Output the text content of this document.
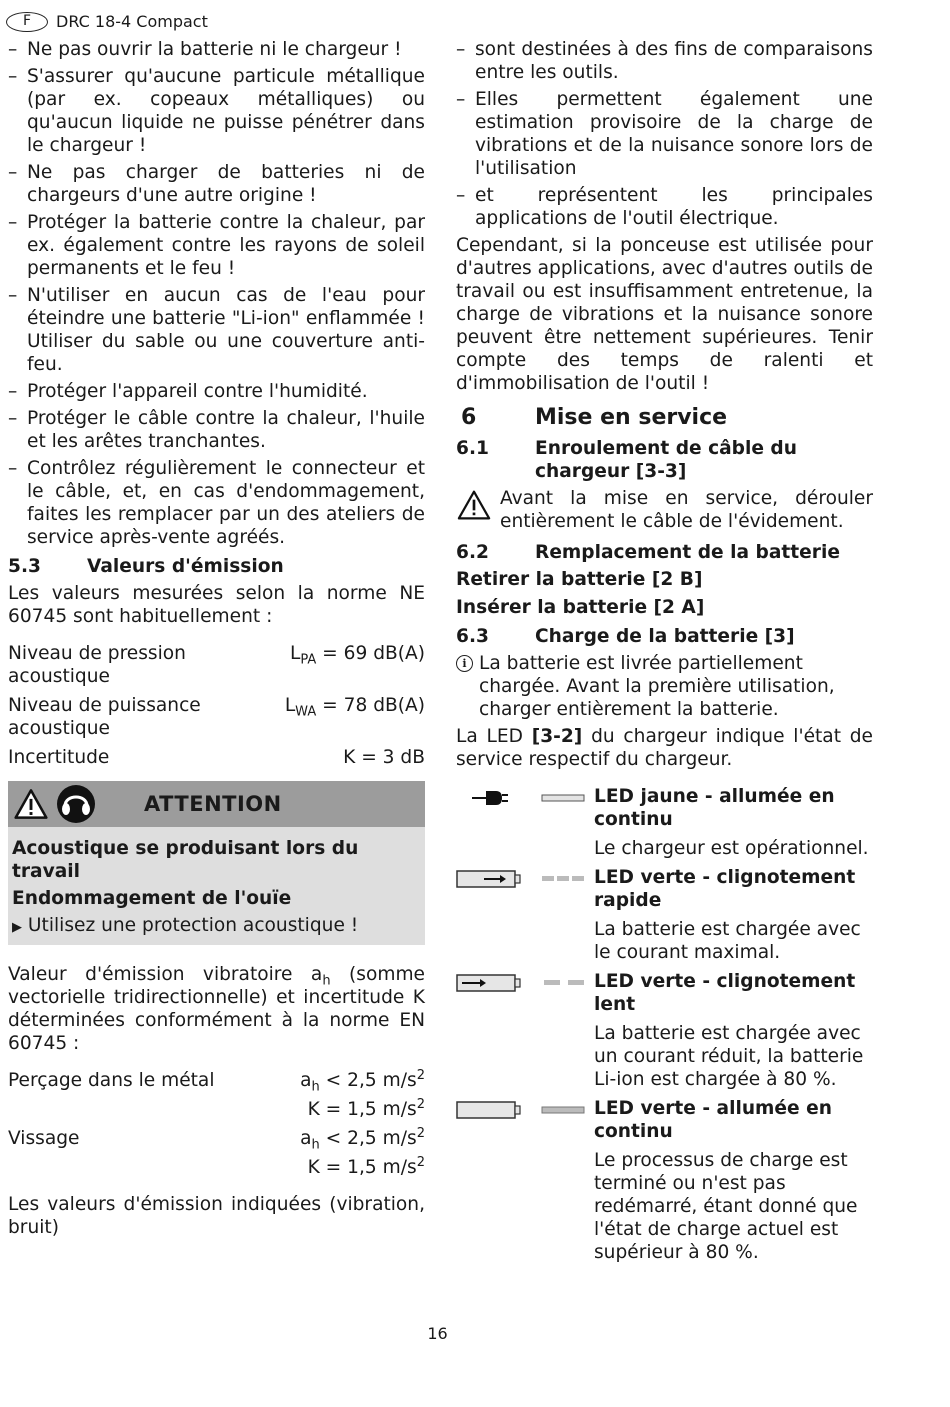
F	DRC 18-4 Compact
– Ne pas ouvrir la batterie ni le chargeur !
– S'assurer qu'aucune particule métallique (par ex. copeaux métalliques) ou qu'aucun liquide ne puisse pénétrer dans le chargeur !
– Ne pas charger de batteries ni de chargeurs d'une autre origine !
– Protéger la batterie contre la chaleur, par ex. également contre les rayons de soleil permanents et le feu !
– N'utiliser en aucun cas de l'eau pour éteindre une batterie "Li-ion" enflammée ! Utiliser du sable ou une couverture anti-feu.
– Protéger l'appareil contre l'humidité.
– Protéger le câble contre la chaleur, l'huile et les arêtes tranchantes.
– Contrôlez régulièrement le connecteur et le câble, et, en cas d'endommagement, faites les remplacer par un des ateliers de service après-vente agréés.
5.3	Valeurs d'émission

Les valeurs mesurées selon la norme NE 60745 sont habituellement :

Niveau de pression acoustique	$L_{PA} = 69$ dB(A)
Niveau de puissance acoustique	$L_{WA} = 78$ dB(A)
Incertitude	K = 3 dB
ATTENTION
Acoustique se produisant lors du travail
Endommagement de l'ouïe
▶ Utilisez une protection acoustique !

Valeur d'émission vibratoire $a_h$ (somme vectorielle tridirectionnelle) et incertitude K déterminées conformément à la norme EN 60745 :

Perçage dans le métal	$a_h < 2,5$ $m/s^2$
K = 1,5 $m/s^2$

Vissage	$a_h < 2,5$ $m/s^2$
K = 1,5 $m/s^2$

Les valeurs d'émission indiquées (vibration, bruit)

– sont destinées à des fins de comparaisons entre les outils.
– Elles permettent également une estimation provisoire de la charge de vibrations et de la nuisance sonore lors de l'utilisation
– et représentent les principales applications de l'outil électrique.

Cependant, si la ponceuse est utilisée pour d'autres applications, avec d'autres outils de travail ou est insuffisamment entretenue, la charge de vibrations et la nuisance sonore peuvent être nettement supérieures. Tenir compte des temps de ralenti et d'immobilisation de l'outil !

6	Mise en service
6.1	Enroulement de câble du chargeur [3-3]
Avant la mise en service, dérouler entièrement le câble de l'évidement.
6.2	Remplacement de la batterie
Retirer la batterie [2 B]
Insérer la batterie [2 A]
6.3	Charge de la batterie [3]
i La batterie est livrée partiellement chargée. Avant la première utilisation, charger entièrement la batterie.

La LED [3-2] du chargeur indique l'état de service respectif du chargeur.

LED jaune - allumée en continu
Le chargeur est opérationnel.
LED verte - clignotement rapide
La batterie est chargée avec le courant maximal.
LED verte - clignotement lent
La batterie est chargée avec un courant réduit, la batterie Li-ion est chargée à 80 %.
LED verte - allumée en continu
Le processus de charge est terminé ou n'est pas redémarré, étant donné que l'état de charge actuel est supérieur à 80 %.
16
